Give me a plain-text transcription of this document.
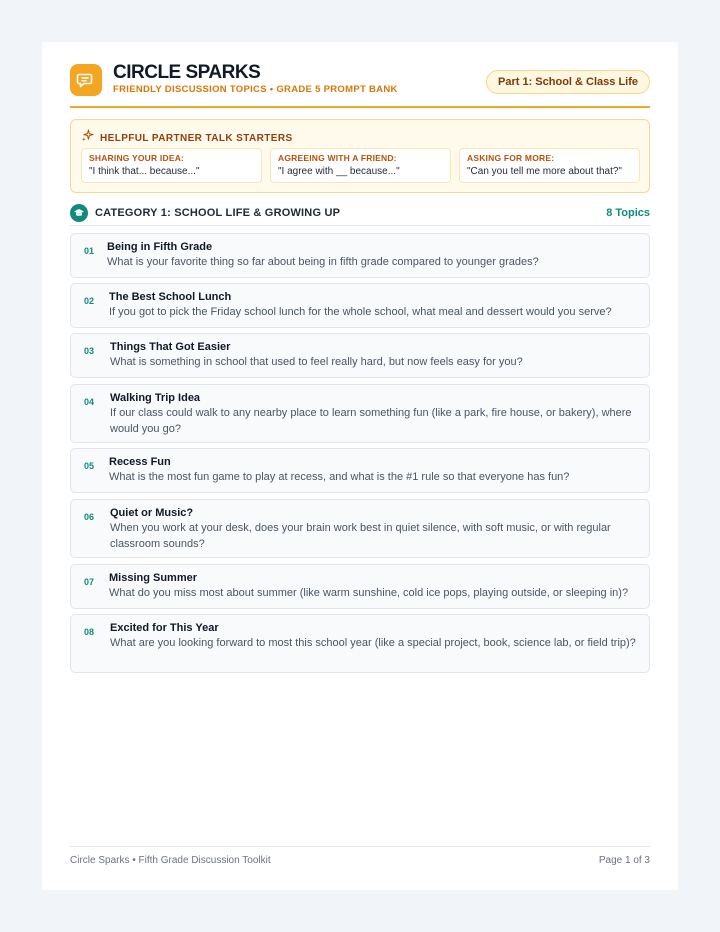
CIRCLE SPARKS
FRIENDLY DISCUSSION TOPICS • GRADE 5 PROMPT BANK
Part 1: School & Class Life
HELPFUL PARTNER TALK STARTERS
SHARING YOUR IDEA:
"I think that... because..."
AGREEING WITH A FRIEND:
"I agree with __ because..."
ASKING FOR MORE:
"Can you tell me more about that?"
CATEGORY 1: SCHOOL LIFE & GROWING UP	8 Topics
01 Being in Fifth Grade
What is your favorite thing so far about being in fifth grade compared to younger grades?
02 The Best School Lunch
If you got to pick the Friday school lunch for the whole school, what meal and dessert would you serve?
03 Things That Got Easier
What is something in school that used to feel really hard, but now feels easy for you?
04 Walking Trip Idea
If our class could walk to any nearby place to learn something fun (like a park, fire house, or bakery), where would you go?
05 Recess Fun
What is the most fun game to play at recess, and what is the #1 rule so that everyone has fun?
06 Quiet or Music?
When you work at your desk, does your brain work best in quiet silence, with soft music, or with regular classroom sounds?
07 Missing Summer
What do you miss most about summer (like warm sunshine, cold ice pops, playing outside, or sleeping in)?
08 Excited for This Year
What are you looking forward to most this school year (like a special project, book, science lab, or field trip)?
Circle Sparks • Fifth Grade Discussion Toolkit	Page 1 of 3
